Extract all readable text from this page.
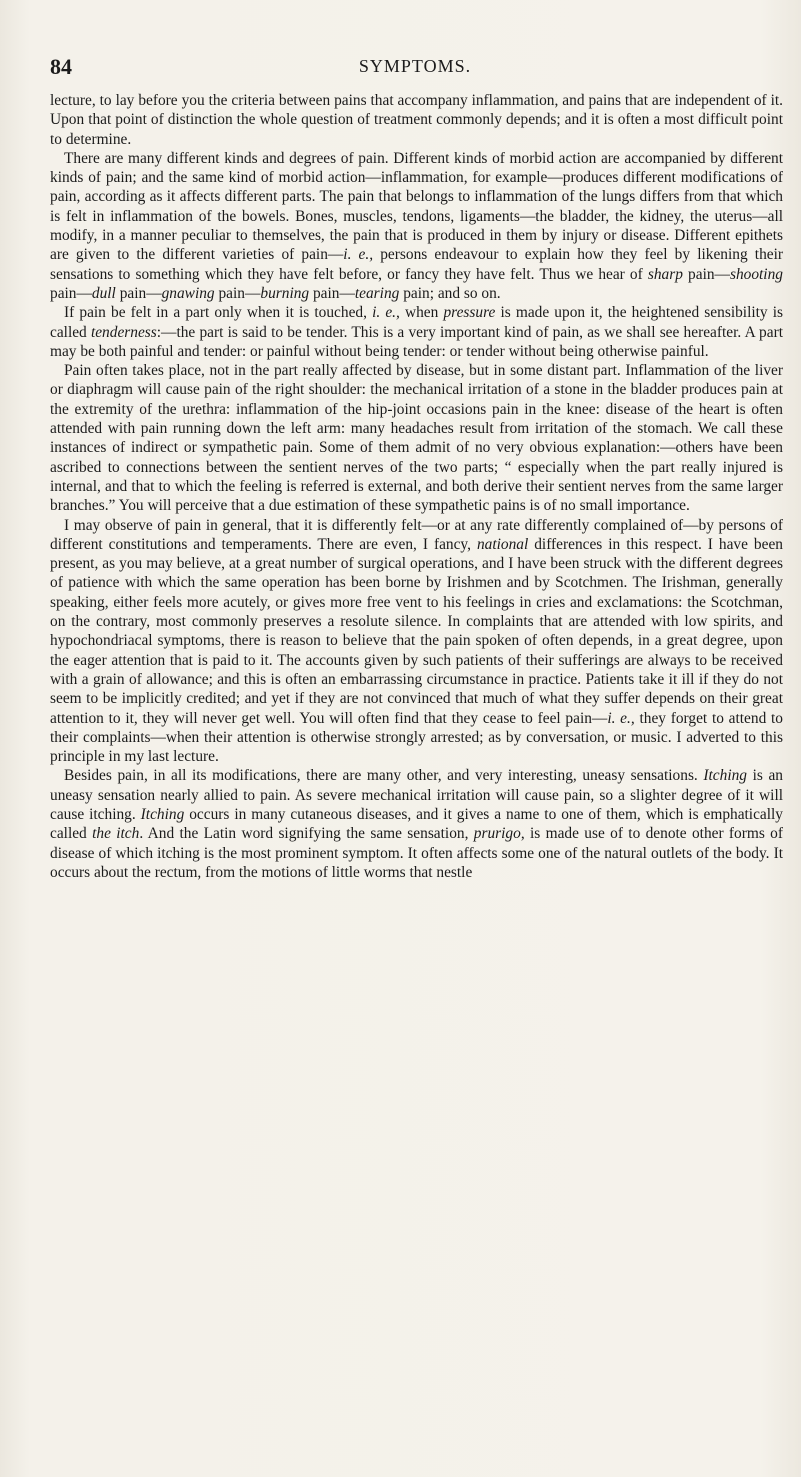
84	SYMPTOMS.

lecture, to lay before you the criteria between pains that accompany inflammation, and pains that are independent of it. Upon that point of distinction the whole question of treatment commonly depends; and it is often a most difficult point to determine.

There are many different kinds and degrees of pain. Different kinds of morbid action are accompanied by different kinds of pain; and the same kind of morbid action—inflammation, for example—produces different modifications of pain, according as it affects different parts. The pain that belongs to inflammation of the lungs differs from that which is felt in inflammation of the bowels. Bones, muscles, tendons, ligaments—the bladder, the kidney, the uterus—all modify, in a manner peculiar to themselves, the pain that is produced in them by injury or disease. Different epithets are given to the different varieties of pain—i. e., persons endeavour to explain how they feel by likening their sensations to something which they have felt before, or fancy they have felt. Thus we hear of sharp pain—shooting pain—dull pain—gnawing pain—burning pain—tearing pain; and so on.

If pain be felt in a part only when it is touched, i. e., when pressure is made upon it, the heightened sensibility is called tenderness:—the part is said to be tender. This is a very important kind of pain, as we shall see hereafter. A part may be both painful and tender: or painful without being tender: or tender without being otherwise painful.

Pain often takes place, not in the part really affected by disease, but in some distant part. Inflammation of the liver or diaphragm will cause pain of the right shoulder: the mechanical irritation of a stone in the bladder produces pain at the extremity of the urethra: inflammation of the hip-joint occasions pain in the knee: disease of the heart is often attended with pain running down the left arm: many headaches result from irritation of the stomach. We call these instances of indirect or sympathetic pain. Some of them admit of no very obvious explanation:—others have been ascribed to connections between the sentient nerves of the two parts; “ especially when the part really injured is internal, and that to which the feeling is referred is external, and both derive their sentient nerves from the same larger branches.” You will perceive that a due estimation of these sympathetic pains is of no small importance.

I may observe of pain in general, that it is differently felt—or at any rate differently complained of—by persons of different constitutions and temperaments. There are even, I fancy, national differences in this respect. I have been present, as you may believe, at a great number of surgical operations, and I have been struck with the different degrees of patience with which the same operation has been borne by Irishmen and by Scotchmen. The Irishman, generally speaking, either feels more acutely, or gives more free vent to his feelings in cries and exclamations: the Scotchman, on the contrary, most commonly preserves a resolute silence. In complaints that are attended with low spirits, and hypochondriacal symptoms, there is reason to believe that the pain spoken of often depends, in a great degree, upon the eager attention that is paid to it. The accounts given by such patients of their sufferings are always to be received with a grain of allowance; and this is often an embarrassing circumstance in practice. Patients take it ill if they do not seem to be implicitly credited; and yet if they are not convinced that much of what they suffer depends on their great attention to it, they will never get well. You will often find that they cease to feel pain—i. e., they forget to attend to their complaints—when their attention is otherwise strongly arrested; as by conversation, or music. I adverted to this principle in my last lecture.

Besides pain, in all its modifications, there are many other, and very interesting, uneasy sensations. Itching is an uneasy sensation nearly allied to pain. As severe mechanical irritation will cause pain, so a slighter degree of it will cause itching. Itching occurs in many cutaneous diseases, and it gives a name to one of them, which is emphatically called the itch. And the Latin word signifying the same sensation, prurigo, is made use of to denote other forms of disease of which itching is the most prominent symptom. It often affects some one of the natural outlets of the body. It occurs about the rectum, from the motions of little worms that nestle
